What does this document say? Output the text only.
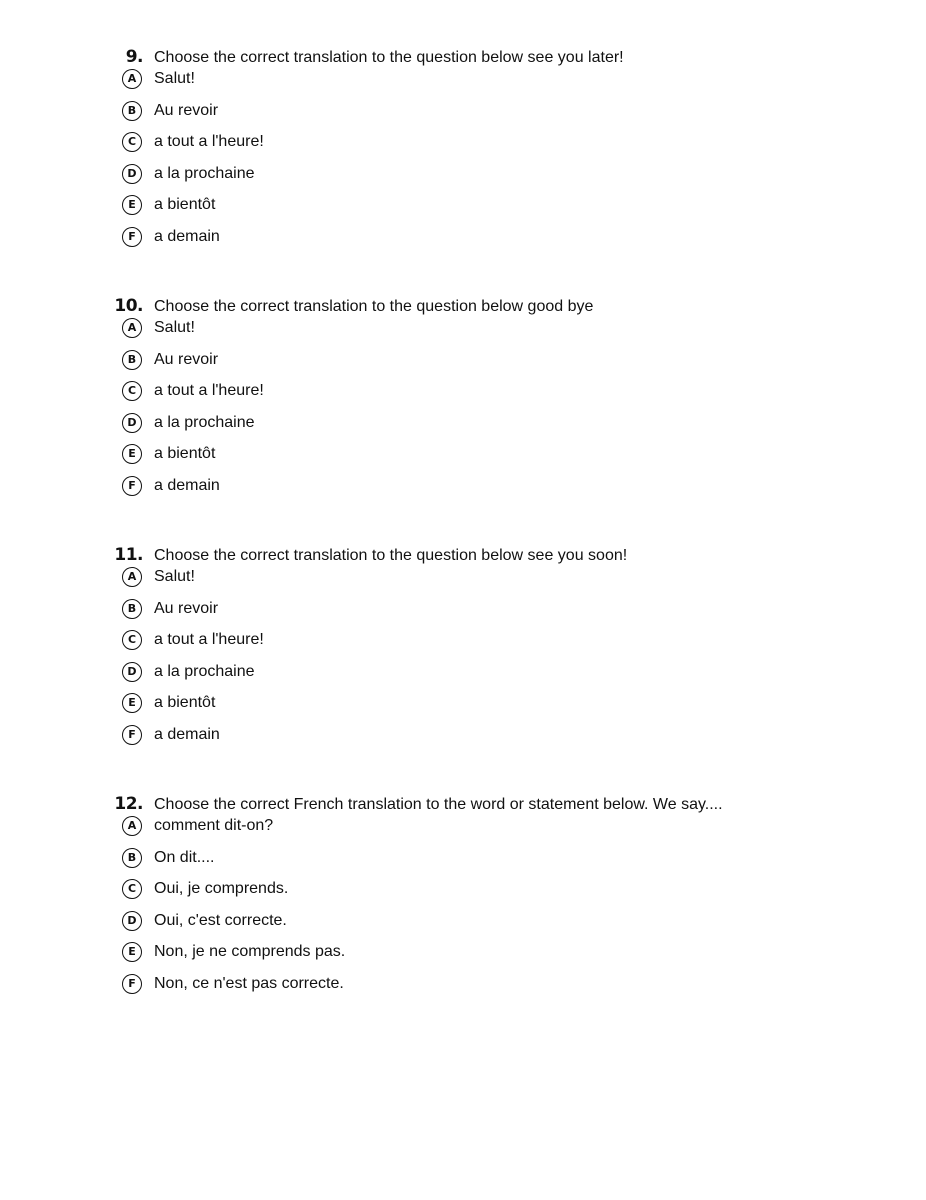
9. Choose the correct translation to the question below see you later!
A	Salut!
B	Au revoir
C	a tout a l'heure!
D	a la prochaine
E	a bientôt
F	a demain
10. Choose the correct translation to the question below good bye
A	Salut!
B	Au revoir
C	a tout a l'heure!
D	a la prochaine
E	a bientôt
F	a demain
11. Choose the correct translation to the question below see you soon!
A	Salut!
B	Au revoir
C	a tout a l'heure!
D	a la prochaine
E	a bientôt
F	a demain
12. Choose the correct French translation to the word or statement below. We say....
A	comment dit-on?
B	On dit....
C	Oui, je comprends.
D	Oui, c'est correcte.
E	Non, je ne comprends pas.
F	Non, ce n'est pas correcte.
